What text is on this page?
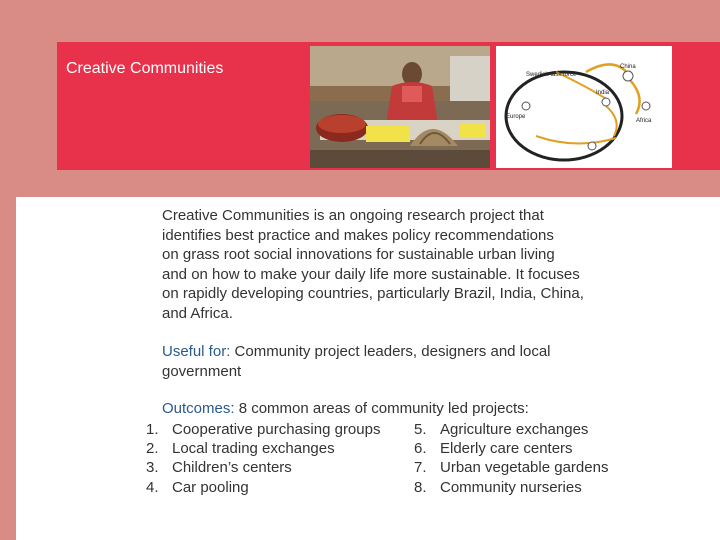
Creative Communities	Swedish task force
China
India
Europe
Africa
Creative Communities is an ongoing research project that
identifies best practice and makes policy recommendations
on grass root social innovations for sustainable urban living
and on how to make your daily life more sustainable. It focuses
on rapidly developing countries, particularly Brazil, India, China,
and Africa.
Useful for: Community project leaders, designers and local
government
Outcomes: 8 common areas of community led projects:
1. Cooperative purchasing groups
2. Local trading exchanges
3. Children’s centers
4. Car pooling
5. Agriculture exchanges
6. Elderly care centers
7. Urban vegetable gardens
8. Community nurseries
